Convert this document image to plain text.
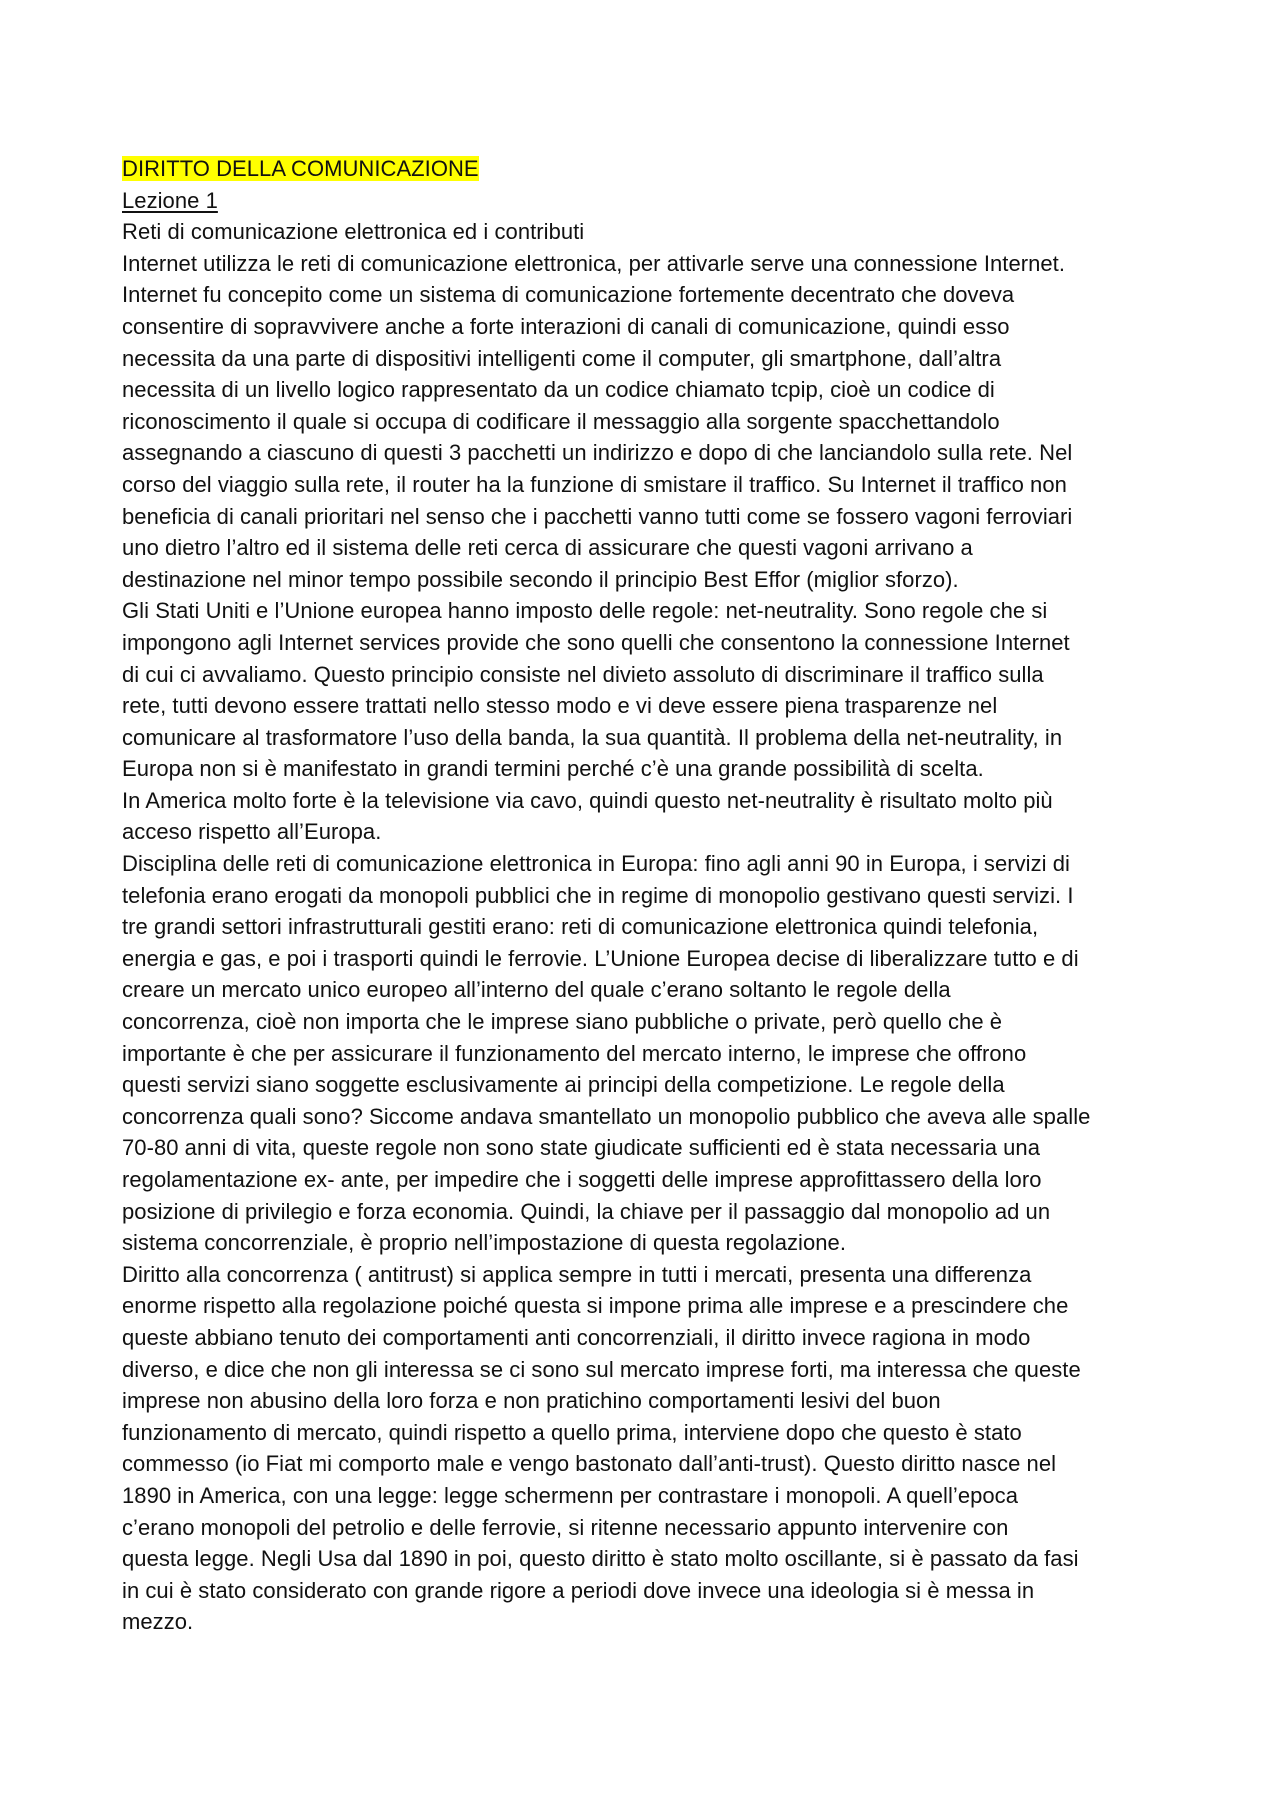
DIRITTO DELLA COMUNICAZIONE
Lezione 1
Reti di comunicazione elettronica ed i contributi
Internet utilizza le reti di comunicazione elettronica, per attivarle serve una connessione Internet.
Internet fu concepito come un sistema di comunicazione fortemente decentrato che doveva
consentire di sopravvivere anche a forte interazioni di canali di comunicazione, quindi esso
necessita da una parte di dispositivi intelligenti come il computer, gli smartphone, dall’altra
necessita di un livello logico rappresentato da un codice chiamato tcpip, cioè un codice di
riconoscimento il quale si occupa di codificare il messaggio alla sorgente spacchettandolo
assegnando a ciascuno di questi 3 pacchetti un indirizzo e dopo di che lanciandolo sulla rete. Nel
corso del viaggio sulla rete, il router ha la funzione di smistare il traffico. Su Internet il traffico non
beneficia di canali prioritari nel senso che i pacchetti vanno tutti come se fossero vagoni ferroviari
uno dietro l’altro ed il sistema delle reti cerca di assicurare che questi vagoni arrivano a
destinazione nel minor tempo possibile secondo il principio Best Effor (miglior sforzo).
Gli Stati Uniti e l’Unione europea hanno imposto delle regole: net-neutrality. Sono regole che si
impongono agli Internet services provide che sono quelli che consentono la connessione Internet
di cui ci avvaliamo. Questo principio consiste nel divieto assoluto di discriminare il traffico sulla
rete, tutti devono essere trattati nello stesso modo e vi deve essere piena trasparenze nel
comunicare al trasformatore l’uso della banda, la sua quantità. Il problema della net-neutrality, in
Europa non si è manifestato in grandi termini perché c’è una grande possibilità di scelta.
In America molto forte è la televisione via cavo, quindi questo net-neutrality è risultato molto più
acceso rispetto all’Europa.
Disciplina delle reti di comunicazione elettronica in Europa: fino agli anni 90 in Europa, i servizi di
telefonia erano erogati da monopoli pubblici che in regime di monopolio gestivano questi servizi. I
tre grandi settori infrastrutturali gestiti erano: reti di comunicazione elettronica quindi telefonia,
energia e gas, e poi i trasporti quindi le ferrovie. L’Unione Europea decise di liberalizzare tutto e di
creare un mercato unico europeo all’interno del quale c’erano soltanto le regole della
concorrenza, cioè non importa che le imprese siano pubbliche o private, però quello che è
importante è che per assicurare il funzionamento del mercato interno, le imprese che offrono
questi servizi siano soggette esclusivamente ai principi della competizione. Le regole della
concorrenza quali sono? Siccome andava smantellato un monopolio pubblico che aveva alle spalle
70-80 anni di vita, queste regole non sono state giudicate sufficienti ed è stata necessaria una
regolamentazione ex- ante, per impedire che i soggetti delle imprese approfittassero della loro
posizione di privilegio e forza economia. Quindi, la chiave per il passaggio dal monopolio ad un
sistema concorrenziale, è proprio nell’impostazione di questa regolazione.
Diritto alla concorrenza ( antitrust) si applica sempre in tutti i mercati, presenta una differenza
enorme rispetto alla regolazione poiché questa si impone prima alle imprese e a prescindere che
queste abbiano tenuto dei comportamenti anti concorrenziali, il diritto invece ragiona in modo
diverso, e dice che non gli interessa se ci sono sul mercato imprese forti, ma interessa che queste
imprese non abusino della loro forza e non pratichino comportamenti lesivi del buon
funzionamento di mercato, quindi rispetto a quello prima, interviene dopo che questo è stato
commesso (io Fiat mi comporto male e vengo bastonato dall’anti-trust). Questo diritto nasce nel
1890 in America, con una legge: legge schermenn per contrastare i monopoli. A quell’epoca
c’erano monopoli del petrolio e delle ferrovie, si ritenne necessario appunto intervenire con
questa legge. Negli Usa dal 1890 in poi, questo diritto è stato molto oscillante, si è passato da fasi
in cui è stato considerato con grande rigore a periodi dove invece una ideologia si è messa in
mezzo.
